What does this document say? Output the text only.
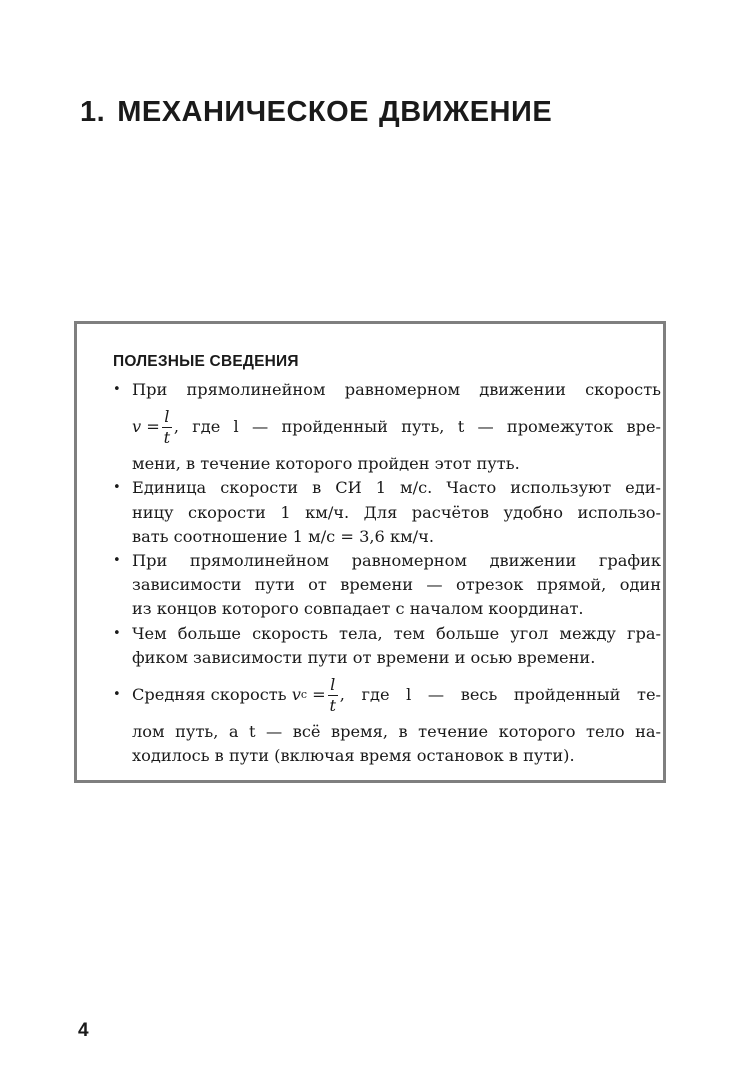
1. МЕХАНИЧЕСКОЕ ДВИЖЕНИЕ
ПОЛЕЗНЫЕ СВЕДЕНИЯ
•
При прямолинейном равномерном движении скорость
$v = \frac{l}{t}$ , где l — пройденный путь, t — промежуток вре-
мени, в течение которого пройден этот путь.
•
Единица скорости в СИ 1 м/с. Часто используют еди-
ницу скорости 1 км/ч. Для расчётов удобно использо-
вать соотношение 1 м/с = 3,6 км/ч.
•
При прямолинейном равномерном движении график
зависимости пути от времени — отрезок прямой, один
из концов которого совпадает с началом координат.
•
Чем больше скорость тела, тем больше угол между гра-
фиком зависимости пути от времени и осью времени.
•
Средняя скорость
v с
= $\frac{l}{t}$ , где l — весь пройденный те-
лом путь, а t — всё время, в течение которого тело на-
ходилось в пути (включая время остановок в пути).
4
